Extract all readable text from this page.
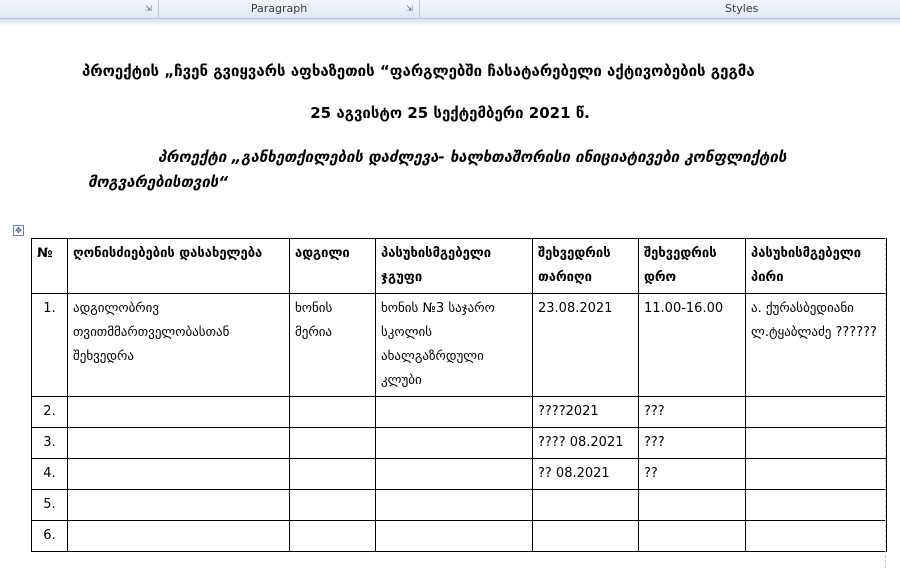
⇲	Paragraph	⇲	Styles
პროექტის „ჩვენ გვიყვარს აფხაზეთის “ფარგლებში ჩასატარებელი აქტივობების გეგმა
25 აგვისტო 25 სექტემბერი 2021 წ.
პროექტი „განხეთქილების დაძლევა- ხალხთაშორისი ინიციატივები კონფლიქტის
მოგვარებისთვის“
✥
№	ღონისძიებების დასახელება	ადგილი	პასუხისმგებელი ჯგუფი	შეხვედრის თარიღი	შეხვედრის დრო	პასუხისმგებელი პირი
1.	ადგილობრივ თვითმმართველობასთან შეხვედრა	ხონის მერია	ხონის №3 საჯარო სკოლის ახალგაზრდული კლუბი	23.08.2021	11.00-16.00	ა. ქურასბედიანი ლ.ტყაბლაძე ??????
2.				????2021	???	
3.				???? 08.2021	???	
4.				?? 08.2021	??	
5.						
6.						
